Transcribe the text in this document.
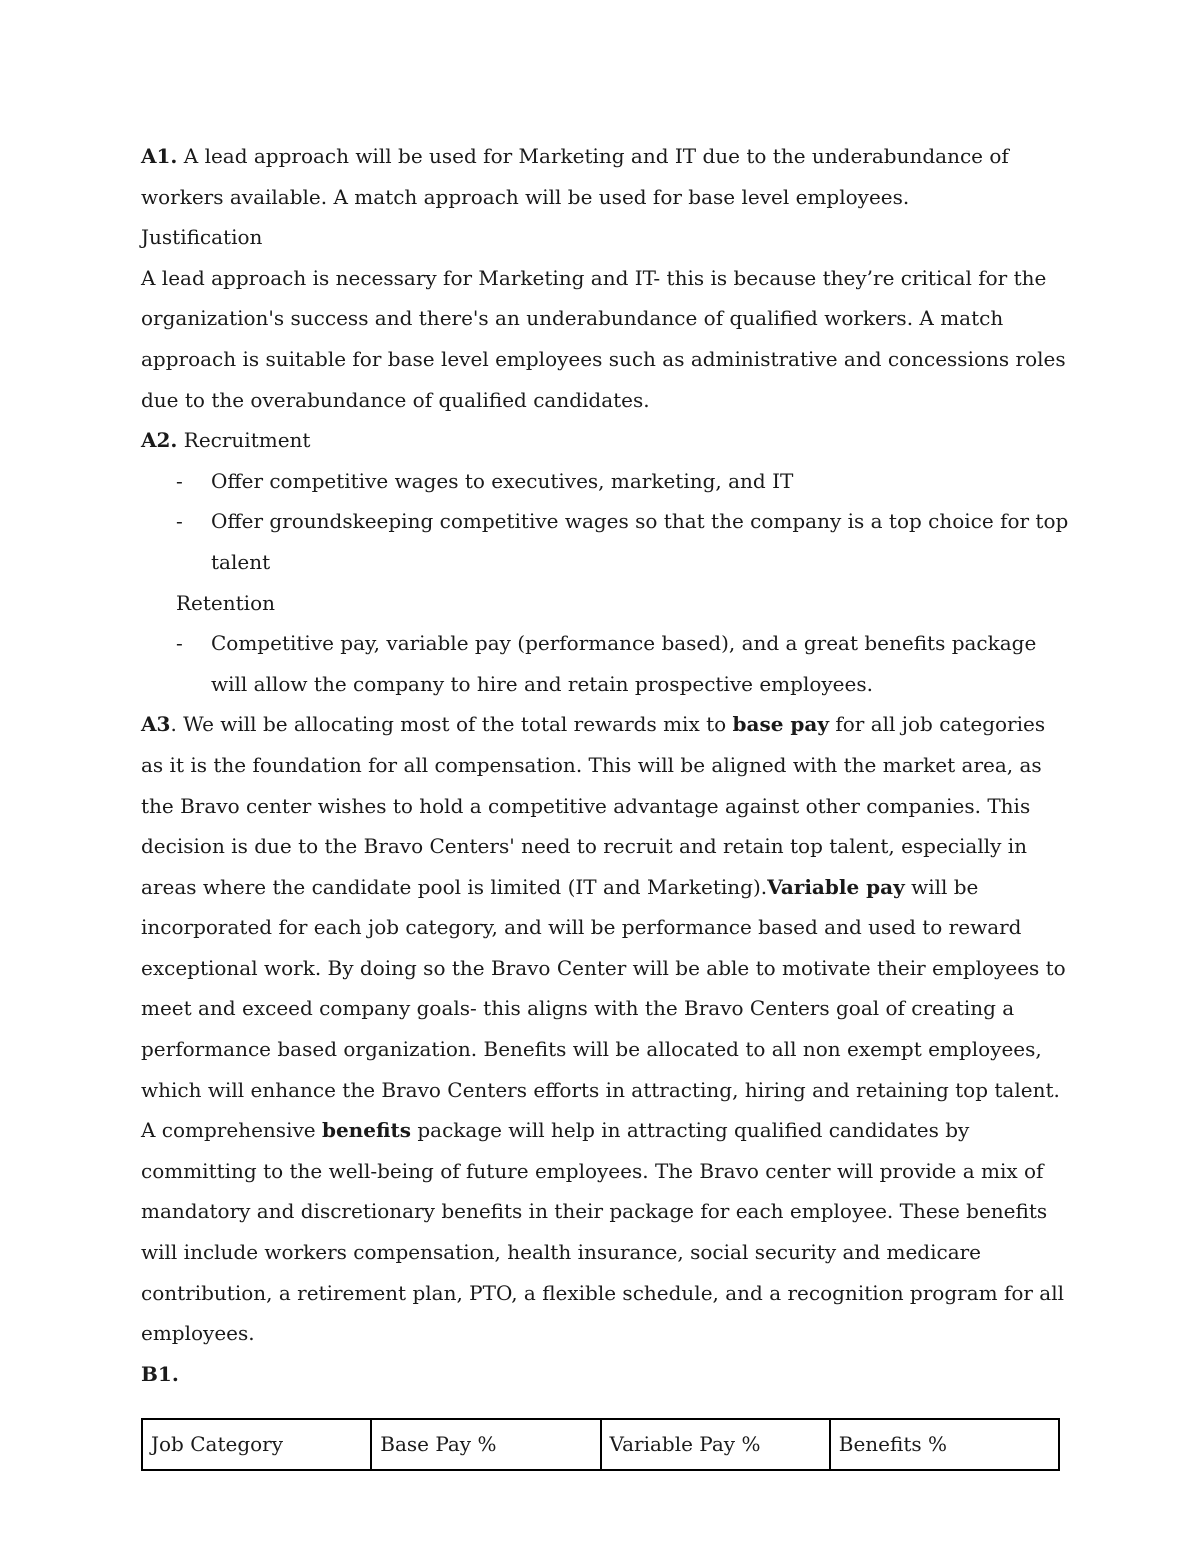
A1. A lead approach will be used for Marketing and IT due to the underabundance of workers available. A match approach will be used for base level employees.

Justification

A lead approach is necessary for Marketing and IT- this is because they’re critical for the organization's success and there's an underabundance of qualified workers. A match approach is suitable for base level employees such as administrative and concessions roles due to the overabundance of qualified candidates.

A2. Recruitment

- Offer competitive wages to executives, marketing, and IT
- Offer groundskeeping competitive wages so that the company is a top choice for top talent

Retention

- Competitive pay, variable pay (performance based), and a great benefits package will allow the company to hire and retain prospective employees.

A3. We will be allocating most of the total rewards mix to base pay for all job categories as it is the foundation for all compensation. This will be aligned with the market area, as the Bravo center wishes to hold a competitive advantage against other companies. This decision is due to the Bravo Centers' need to recruit and retain top talent, especially in areas where the candidate pool is limited (IT and Marketing).Variable pay will be incorporated for each job category, and will be performance based and used to reward exceptional work. By doing so the Bravo Center will be able to motivate their employees to meet and exceed company goals- this aligns with the Bravo Centers goal of creating a performance based organization. Benefits will be allocated to all non exempt employees, which will enhance the Bravo Centers efforts in attracting, hiring and retaining top talent. A comprehensive benefits package will help in attracting qualified candidates by committing to the well-being of future employees. The Bravo center will provide a mix of mandatory and discretionary benefits in their package for each employee. These benefits will include workers compensation, health insurance, social security and medicare contribution, a retirement plan, PTO, a flexible schedule, and a recognition program for all employees.

B1.

Job Category	Base Pay %	Variable Pay %	Benefits %
